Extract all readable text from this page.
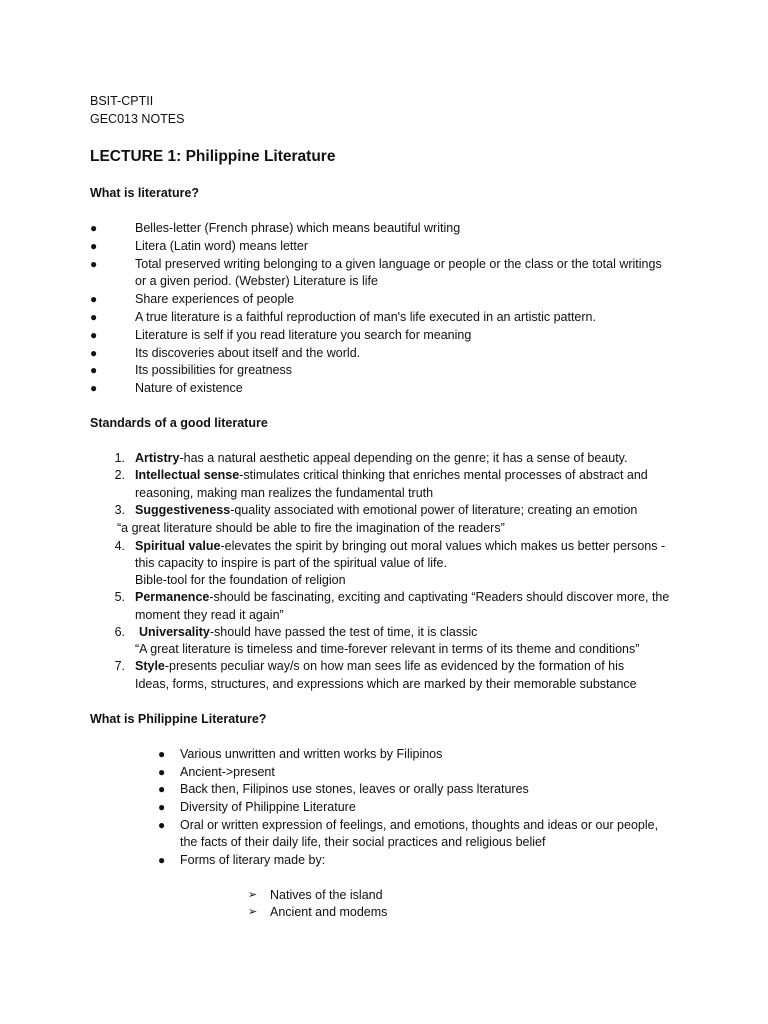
BSIT-CPTII
GEC013 NOTES
LECTURE 1: Philippine Literature
What is literature?
●	Belles-letter (French phrase) which means beautiful writing
●	Litera (Latin word) means letter
●	Total preserved writing belonging to a given language or people or the class or the total writings
or a given period. (Webster) Literature is life
●	Share experiences of people
●	A true literature is a faithful reproduction of man's life executed in an artistic pattern.
●	Literature is self if you read literature you search for meaning
●	Its discoveries about itself and the world.
●	Its possibilities for greatness
●	Nature of existence
Standards of a good literature
1. Artistry-has a natural aesthetic appeal depending on the genre; it has a sense of beauty.
2. Intellectual sense-stimulates critical thinking that enriches mental processes of abstract and
reasoning, making man realizes the fundamental truth
3. Suggestiveness-quality associated with emotional power of literature; creating an emotion
“a great literature should be able to fire the imagination of the readers”
4. Spiritual value-elevates the spirit by bringing out moral values which makes us better persons -
this capacity to inspire is part of the spiritual value of life.
Bible-tool for the foundation of religion
5. Permanence-should be fascinating, exciting and captivating “Readers should discover more, the
moment they read it again”
6. Universality-should have passed the test of time, it is classic
“A great literature is timeless and time-forever relevant in terms of its theme and conditions”
7. Style-presents peculiar way/s on how man sees life as evidenced by the formation of his
Ideas, forms, structures, and expressions which are marked by their memorable substance
What is Philippine Literature?
● Various unwritten and written works by Filipinos
● Ancient->present
● Back then, Filipinos use stones, leaves or orally pass lteratures
● Diversity of Philippine Literature
● Oral or written expression of feelings, and emotions, thoughts and ideas or our people,
the facts of their daily life, their social practices and religious belief
● Forms of literary made by:
➢ Natives of the island
➢ Ancient and modems
